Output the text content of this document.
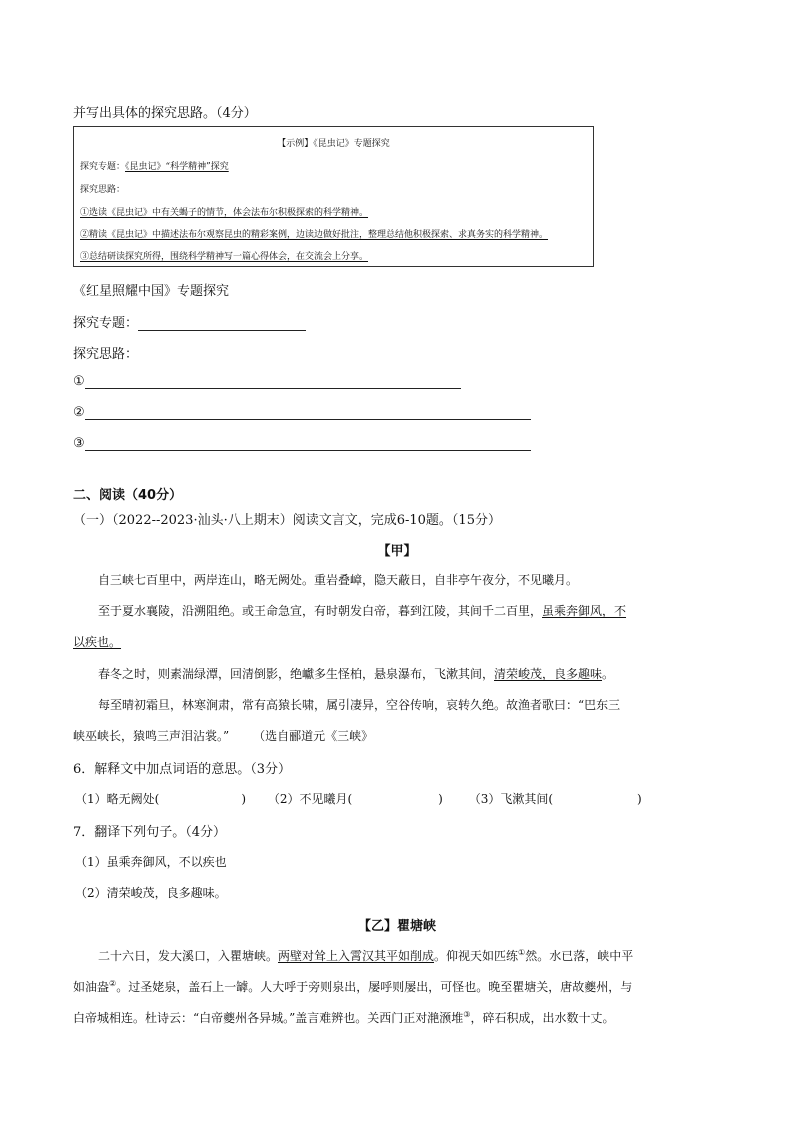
并写出具体的探究思路。（4分）
【示例】《昆虫记》专题探究
探究专题：《昆虫记》“科学精神”探究
探究思路：
①选读《昆虫记》中有关蝎子的情节，体会法布尔积极探索的科学精神。
②精读《昆虫记》中描述法布尔观察昆虫的精彩案例，边读边做好批注，整理总结他积极探索、求真务实的科学精神。
③总结研读探究所得，围绕科学精神写一篇心得体会，在交流会上分享。
《红星照耀中国》专题探究
探究专题：
探究思路：
①
②
③
二、阅读（40分）
（一）（2022--2023·汕头·八上期末）阅读文言文，完成6-10题。（15分）
【甲】
自三峡七百里中，两岸连山，略无阙处。重岩叠嶂，隐天蔽日，自非亭午夜分，不见曦月。
至于夏水襄陵，沿溯阻绝。或王命急宣，有时朝发白帝，暮到江陵，其间千二百里，虽乘奔御风，不
以疾也。
春冬之时，则素湍绿潭，回清倒影，绝巘多生怪柏，悬泉瀑布，飞漱其间，清荣峻茂，良多趣味。
每至晴初霜旦，林寒涧肃，常有高猿长啸，属引凄异，空谷传响，哀转久绝。故渔者歌曰：“巴东三
峡巫峡长，猿鸣三声泪沾裳。” （选自郦道元《三峡》
6．解释文中加点词语的意思。（3分）
（1）略无阙处(	) （2）不见曦月(	) （3）飞漱其间(	)
7．翻译下列句子。（4分）
（1）虽乘奔御风，不以疾也
（2）清荣峻茂，良多趣味。
【乙】瞿塘峡
二十六日，发大溪口，入瞿塘峡。两壁对耸上入霄汉其平如削成。仰视天如匹练①然。水已落，峡中平
如油盎②。过圣姥泉，盖石上一罅。人大呼于旁则泉出，屡呼则屡出，可怪也。晚至瞿塘关，唐故夔州，与
白帝城相连。杜诗云：“白帝夔州各异城。”盖言难辨也。关西门正对滟滪堆③，碎石积成，出水数十丈。
